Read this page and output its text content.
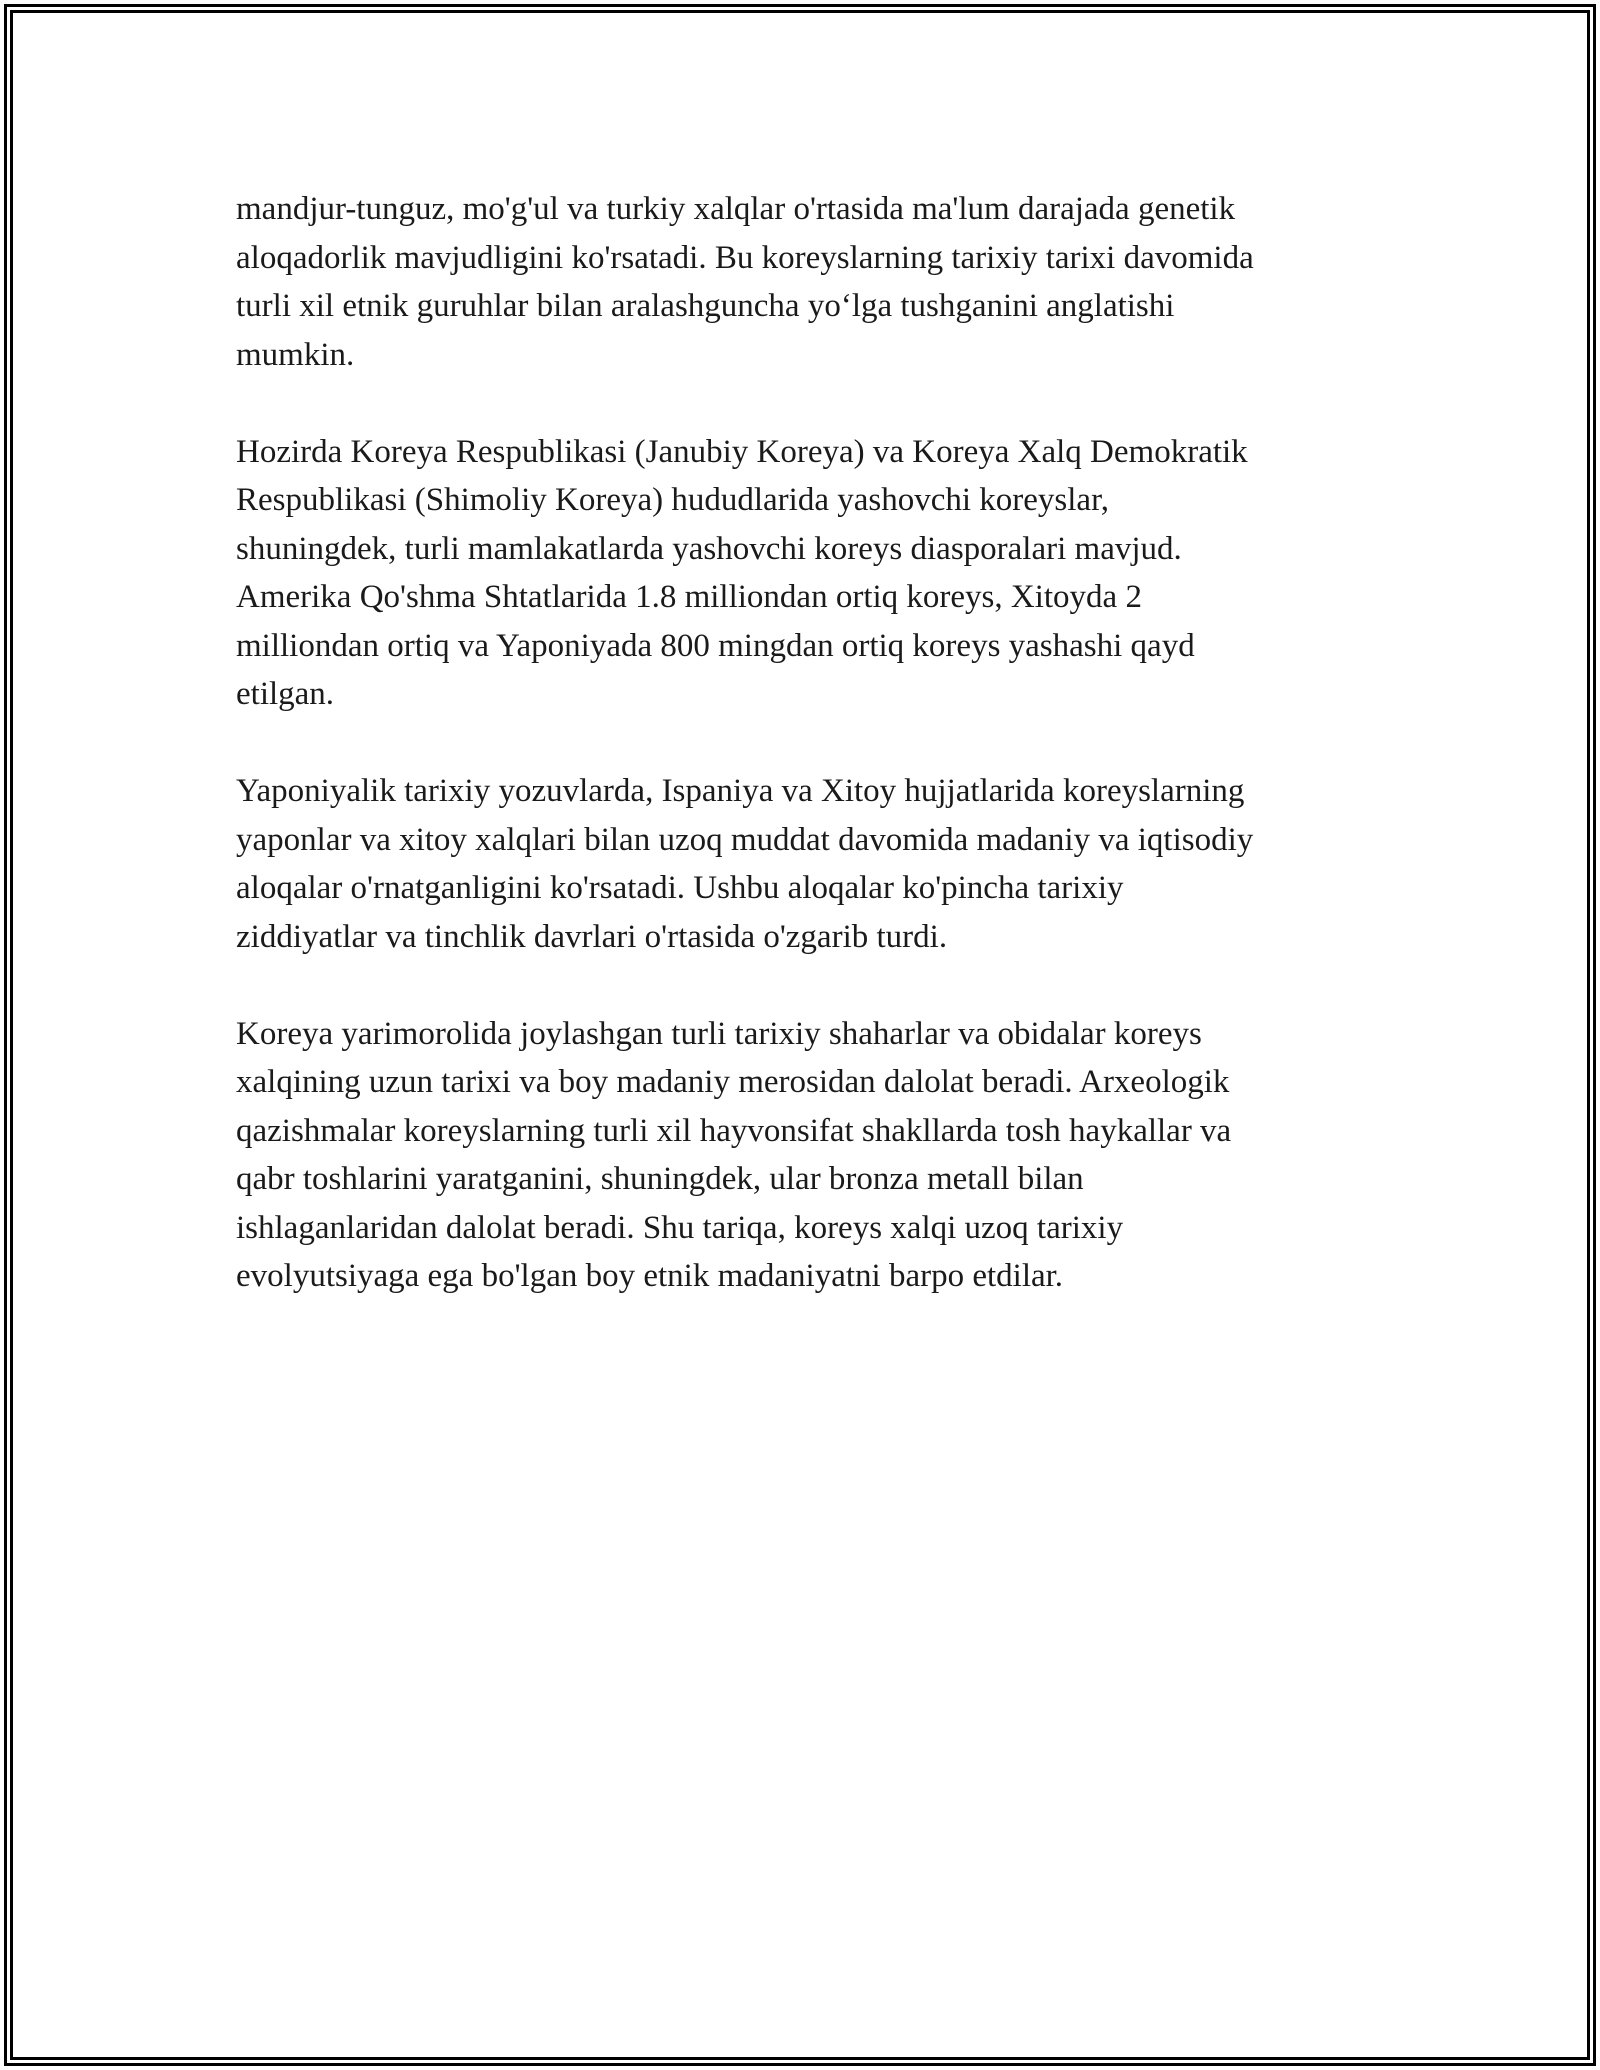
mandjur-tunguz, mo'g'ul va turkiy xalqlar o'rtasida ma'lum darajada genetik
aloqadorlik mavjudligini ko'rsatadi. Bu koreyslarning tarixiy tarixi davomida
turli xil etnik guruhlar bilan aralashguncha yo‘lga tushganini anglatishi
mumkin.

Hozirda Koreya Respublikasi (Janubiy Koreya) va Koreya Xalq Demokratik
Respublikasi (Shimoliy Koreya) hududlarida yashovchi koreyslar,
shuningdek, turli mamlakatlarda yashovchi koreys diasporalari mavjud.
Amerika Qo'shma Shtatlarida 1.8 milliondan ortiq koreys, Xitoyda 2
milliondan ortiq va Yaponiyada 800 mingdan ortiq koreys yashashi qayd
etilgan.

Yaponiyalik tarixiy yozuvlarda, Ispaniya va Xitoy hujjatlarida koreyslarning
yaponlar va xitoy xalqlari bilan uzoq muddat davomida madaniy va iqtisodiy
aloqalar o'rnatganligini ko'rsatadi. Ushbu aloqalar ko'pincha tarixiy
ziddiyatlar va tinchlik davrlari o'rtasida o'zgarib turdi.

Koreya yarimorolida joylashgan turli tarixiy shaharlar va obidalar koreys
xalqining uzun tarixi va boy madaniy merosidan dalolat beradi. Arxeologik
qazishmalar koreyslarning turli xil hayvonsifat shakllarda tosh haykallar va
qabr toshlarini yaratganini, shuningdek, ular bronza metall bilan
ishlaganlaridan dalolat beradi. Shu tariqa, koreys xalqi uzoq tarixiy
evolyutsiyaga ega bo'lgan boy etnik madaniyatni barpo etdilar.
